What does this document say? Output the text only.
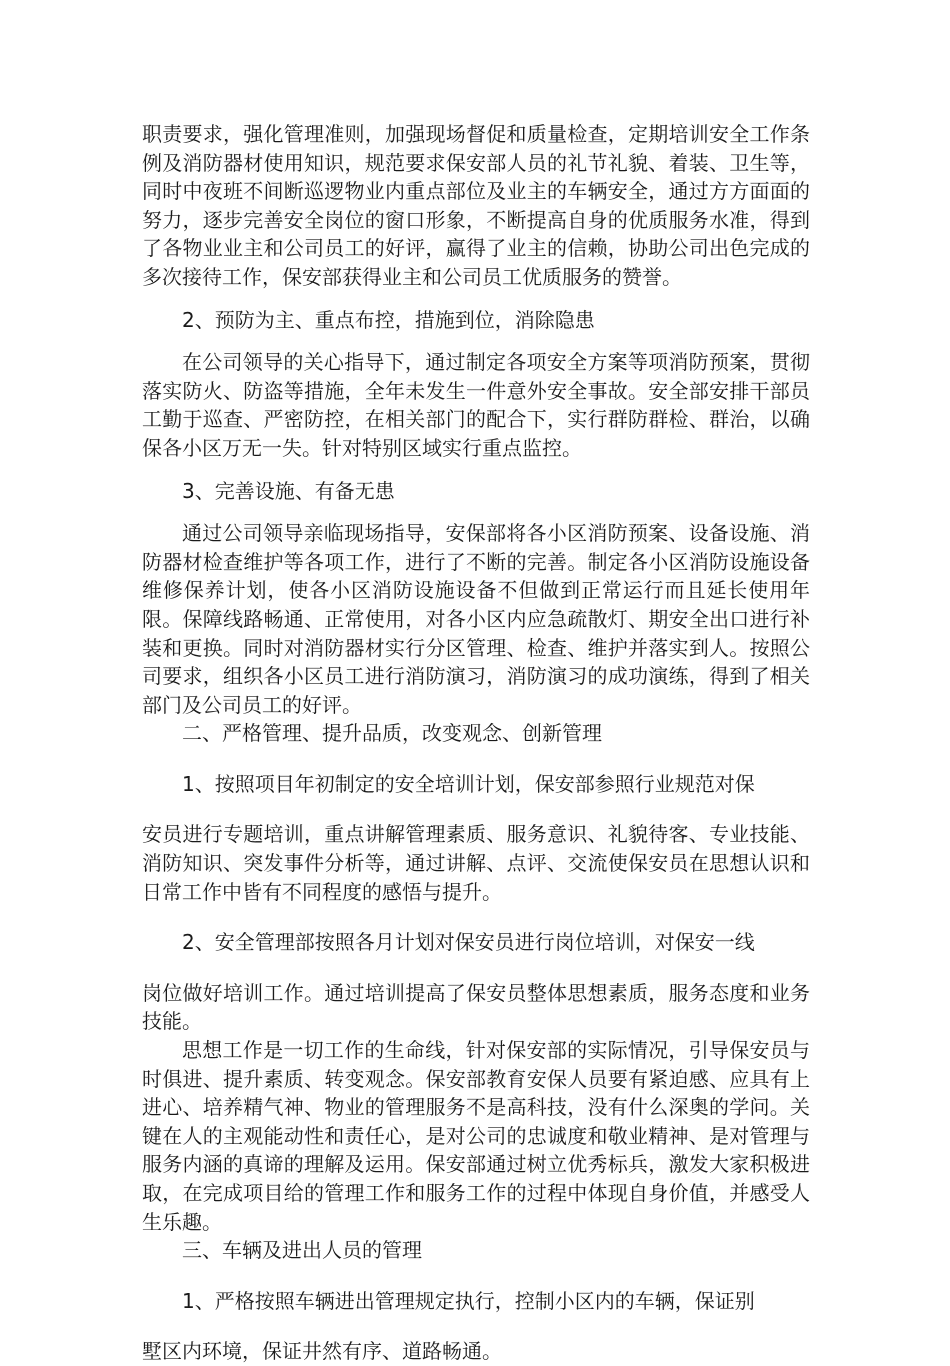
职责要求，强化管理准则，加强现场督促和质量检查，定期培训安全工作条例及消防器材使用知识，规范要求保安部人员的礼节礼貌、着装、卫生等，同时中夜班不间断巡逻物业内重点部位及业主的车辆安全，通过方方面面的努力，逐步完善安全岗位的窗口形象，不断提高自身的优质服务水准，得到了各物业业主和公司员工的好评，赢得了业主的信赖，协助公司出色完成的多次接待工作，保安部获得业主和公司员工优质服务的赞誉。

2、预防为主、重点布控，措施到位，消除隐患

在公司领导的关心指导下，通过制定各项安全方案等项消防预案，贯彻落实防火、防盗等措施，全年未发生一件意外安全事故。安全部安排干部员工勤于巡查、严密防控，在相关部门的配合下，实行群防群检、群治，以确保各小区万无一失。针对特别区域实行重点监控。

3、完善设施、有备无患

通过公司领导亲临现场指导，安保部将各小区消防预案、设备设施、消防器材检查维护等各项工作，进行了不断的完善。制定各小区消防设施设备维修保养计划，使各小区消防设施设备不但做到正常运行而且延长使用年限。保障线路畅通、正常使用，对各小区内应急疏散灯、期安全出口进行补装和更换。同时对消防器材实行分区管理、检查、维护并落实到人。按照公司要求，组织各小区员工进行消防演习，消防演习的成功演练，得到了相关部门及公司员工的好评。

二、严格管理、提升品质，改变观念、创新管理

1、按照项目年初制定的安全培训计划，保安部参照行业规范对保

安员进行专题培训，重点讲解管理素质、服务意识、礼貌待客、专业技能、消防知识、突发事件分析等，通过讲解、点评、交流使保安员在思想认识和日常工作中皆有不同程度的感悟与提升。

2、安全管理部按照各月计划对保安员进行岗位培训，对保安一线

岗位做好培训工作。通过培训提高了保安员整体思想素质，服务态度和业务技能。

思想工作是一切工作的生命线，针对保安部的实际情况，引导保安员与时俱进、提升素质、转变观念。保安部教育安保人员要有紧迫感、应具有上进心、培养精气神、物业的管理服务不是高科技，没有什么深奥的学问。关键在人的主观能动性和责任心，是对公司的忠诚度和敬业精神、是对管理与服务内涵的真谛的理解及运用。保安部通过树立优秀标兵，激发大家积极进取，在完成项目给的管理工作和服务工作的过程中体现自身价值，并感受人生乐趣。

三、车辆及进出人员的管理

1、严格按照车辆进出管理规定执行，控制小区内的车辆，保证别

墅区内环境，保证井然有序、道路畅通。
